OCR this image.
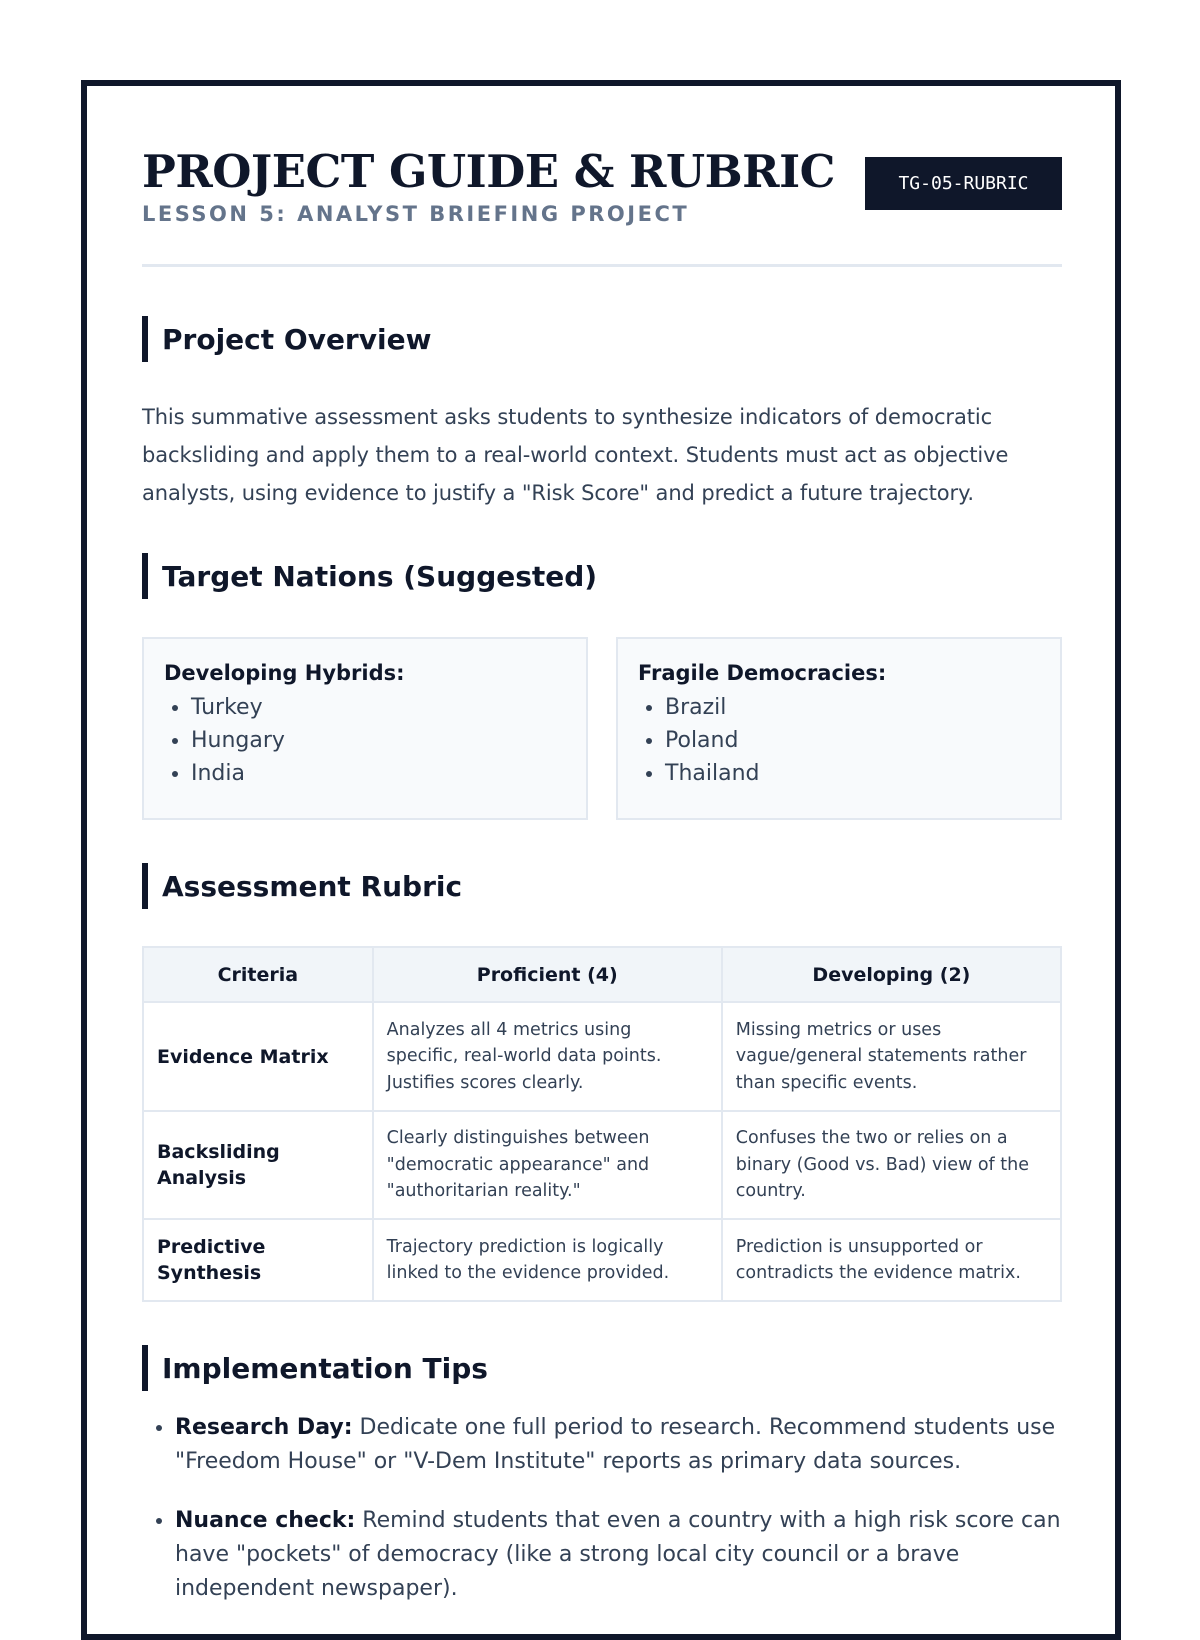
PROJECT GUIDE & RUBRIC
LESSON 5: ANALYST BRIEFING PROJECT
TG-05-RUBRIC
Project Overview

This summative assessment asks students to synthesize indicators of democratic backsliding and apply them to a real-world context. Students must act as objective analysts, using evidence to justify a "Risk Score" and predict a future trajectory.

Target Nations (Suggested)
Developing Hybrids:
• Turkey
• Hungary
• India
Fragile Democracies:
• Brazil
• Poland
• Thailand
Assessment Rubric
Criteria	Proficient (4)	Developing (2)
Evidence Matrix	Analyzes all 4 metrics using specific, real-world data points. Justifies scores clearly.	Missing metrics or uses vague/general statements rather than specific events.
Backsliding Analysis	Clearly distinguishes between "democratic appearance" and "authoritarian reality."	Confuses the two or relies on a binary (Good vs. Bad) view of the country.
Predictive Synthesis	Trajectory prediction is logically linked to the evidence provided.	Prediction is unsupported or contradicts the evidence matrix.
Implementation Tips
• Research Day: Dedicate one full period to research. Recommend students use "Freedom House" or "V-Dem Institute" reports as primary data sources.
• Nuance check: Remind students that even a country with a high risk score can have "pockets" of democracy (like a strong local city council or a brave independent newspaper).
